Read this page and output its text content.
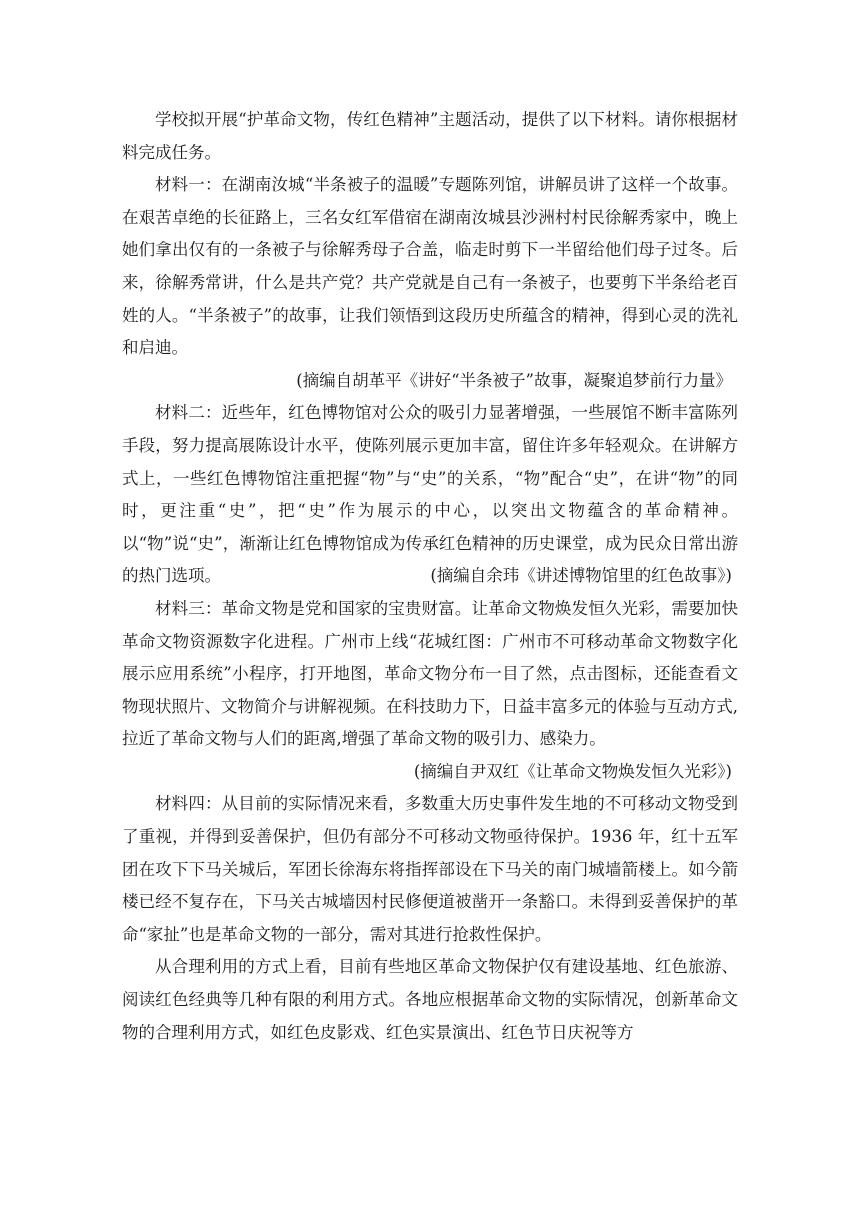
学校拟开展“护革命文物，传红色精神”主题活动，提供了以下材料。请你根据材料完成任务。

材料一：在湖南汝城“半条被子的温暖”专题陈列馆，讲解员讲了这样一个故事。在艰苦卓绝的长征路上，三名女红军借宿在湖南汝城县沙洲村村民徐解秀家中，晚上她们拿出仅有的一条被子与徐解秀母子合盖，临走时剪下一半留给他们母子过冬。后来，徐解秀常讲，什么是共产党？共产党就是自己有一条被子，也要剪下半条给老百姓的人。“半条被子”的故事，让我们领悟到这段历史所蕴含的精神，得到心灵的洗礼和启迪。

(摘编自胡革平《讲好“半条被子”故事，凝聚追梦前行力量》

材料二：近些年，红色博物馆对公众的吸引力显著增强，一些展馆不断丰富陈列手段，努力提高展陈设计水平，使陈列展示更加丰富，留住许多年轻观众。在讲解方式上，一些红色博物馆注重把握“物”与“史”的关系，“物”配合“史”，在讲“物”的同时，更注重“史”，把“史”作为展示的中心，以突出文物蕴含的革命精神。以“物”说“史”，渐渐让红色博物馆成为传承红色精神的历史课堂，成为民众日常出游的热门选项。	(摘编自余玮《讲述博物馆里的红色故事》)

材料三：革命文物是党和国家的宝贵财富。让革命文物焕发恒久光彩，需要加快革命文物资源数字化进程。广州市上线“花城红图：广州市不可移动革命文物数字化展示应用系统”小程序，打开地图，革命文物分布一目了然，点击图标，还能查看文物现状照片、文物简介与讲解视频。在科技助力下，日益丰富多元的体验与互动方式,拉近了革命文物与人们的距离,增强了革命文物的吸引力、感染力。

(摘编自尹双红《让革命文物焕发恒久光彩》)

材料四：从目前的实际情况来看，多数重大历史事件发生地的不可移动文物受到了重视，并得到妥善保护，但仍有部分不可移动文物亟待保护。1936 年，红十五军团在攻下下马关城后，军团长徐海东将指挥部设在下马关的南门城墙箭楼上。如今箭楼已经不复存在，下马关古城墙因村民修便道被凿开一条豁口。未得到妥善保护的革命“家扯”也是革命文物的一部分，需对其进行抢救性保护。

从合理利用的方式上看，目前有些地区革命文物保护仅有建设基地、红色旅游、阅读红色经典等几种有限的利用方式。各地应根据革命文物的实际情况，创新革命文物的合理利用方式，如红色皮影戏、红色实景演出、红色节日庆祝等方
